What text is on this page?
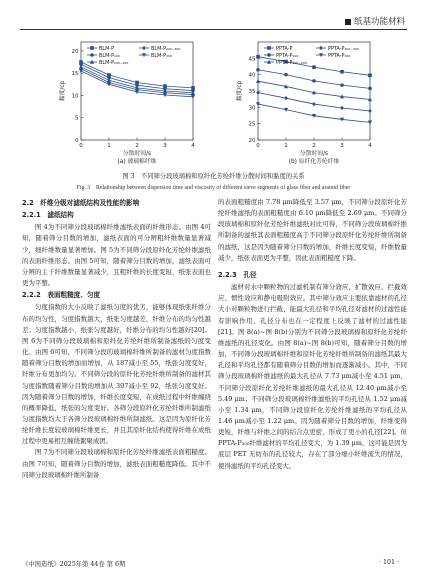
纸基功能材料
0
5
10
15
20
0	1	2	3	4
黏度/cp
BLM-P
BLM-P₁₀₀
BLM-P₁₀₀₋₂₀₀
BLM-P₂₀₀₋₃₀₀
BLM-P₃₀₀
分散时间/s
(a) 玻璃棉纤维
20
25
30
35
40
45
0	1	2	3	4
黏度/cp
PPTA-P
PPTA-P₁₀₀
PPTA-P₁₀₀₋₂₀₀
PPTA-P₂₀₀₋₃₀₀
PPTA-P₃₀₀
分散时间/s
(b) 原纤化芳纶纤维
图 3　不同筛分段玻璃棉和原纤化芳纶纤维分散时间和黏度的关系
Fig. 3　Relationship between dispersion time and viscosity of different sieve segments of glass fiber and aramid fiber

2.2　纤维分级对滤纸结构及性能的影响

2.2.1　滤纸结构

图 4为不同筛分段玻璃棉纤维滤纸表面的纤维形态。由图 4可知，随着筛分目数的增加，滤纸表面的可分辨粗纤维数量显著减少，细纤维数量显著增加。图 5为不同筛分段原纤化芳纶纤维滤纸的表面纤维形态。由图 5可知，随着筛分目数的增加，滤纸表面可分辨的主干纤维数量显著减少，且粗纤维的长度变短，纸张表面也更为平整。

2.2.2　表面粗糙度、匀度

匀度指数的大小反映了滤纸匀度的优劣，能够体现纸张纤维分布的均匀性，匀度指数越大，纸张匀度越差，纤维分布的均匀性越差；匀度指数越小，纸张匀度越好，纤维分布的均匀性越好[20]。图 6为不同筛分段玻璃棉和原纤化芳纶纤维所制备滤纸的匀度变化。由图 6可知，不同筛分段的玻璃棉纤维所制备的滤材匀度指数随着筛分目数的增加而增加，从 187减小至 55，纸张匀度变好，纤维分布更加均匀。不同筛分段的原纤化芳纶纤维所制备的滤材其匀度指数随着筛分目数的增加从 397减小至 92，纸张匀度变好。因为随着筛分目数的增加，纤维长度变短，在成纸过程中纤维缠绕的概率降低，纸张的匀度变好。各筛分段原纤化芳纶纤维所制滤纸匀度指数均大于各筛分段玻璃棉纤维所制滤纸。这是因为原纤化芳纶纤维长度较玻璃棉纤维更长，并且其原纤化结构使得纤维在成纸过程中更易相互缠绕絮聚成团。

图 7为不同筛分段玻璃棉和原纤化芳纶纤维滤纸表面粗糙度。由图 7可知，随着筛分目数的增加，滤纸表面粗糙度降低。其中不同筛分段玻璃棉纤维所制备

的表面粗糙度由 7.78 μm降低至 3.57 μm，不同筛分段原纤化芳纶纤维滤纸的表面粗糙度由 6.10 μm降低至 2.69 μm。不同筛分段玻璃棉和原纤化芳纶纤维滤纸对比可得，不同筛分段玻璃棉纤维所制备的滤纸其表面粗糙度高于不同筛分段原纤化芳纶纤维所制备的滤纸，这是因为随着筛分目数的增加，纤维长度变短，纤维数量减少，纸张表面更为平整，因此表面粗糙度下降。

2.2.3　孔径

滤材对水中颗粒物的过滤机制有筛分效应、扩散效应、拦截效应、惯性效应和静电吸附效应。其中筛分效应主要依靠滤材的孔径大小对颗粒物进行拦截，能最大孔径和平均孔径对滤材的过滤性能有影响作用，孔径分布也在一定程度上反映了滤材的过滤性能[21]。图 8(a)~图 8(b)分别为不同筛分段玻璃棉和原纤化芳纶纤维滤纸的孔径变化。由图 8(a)~图 8(b)可知，随着筛分目数的增加，不同筛分段玻璃棉纤维和原纤化芳纶纤维所制备的滤纸其最大孔径和平均孔径都有随着筛分目数的增加而逐渐减小。其中，不同筛分段玻璃棉纤维滤纸的最大孔径从 7.73 μm减小至 4.51 μm，不同筛分段原纤化芳纶纤维滤纸的最大孔径从 12.40 μm减小至 5.49 μm；不同筛分段玻璃棉纤维滤纸的平均孔径从 1.52 μm减小至 1.34 μm，不同筛分段原纤化芳纶纤维滤纸的平均孔径从 1.46 μm减小至 1.22 μm。因为随着筛分目数的增加，纤维变得更短，纤维与纤维之间的结合点更密，形成了更小的孔径[22]。但 PPTA-P₃₀₀纤维滤材的平均孔径变大，为 1.39 μm，这可能是因为底层 PET 无纺布的孔径较大，存在了部分细小纤维流失的情况，使得滤纸的平均孔径变大。

《中国造纸》2025年第 44卷 第 6期	· 101 ·
